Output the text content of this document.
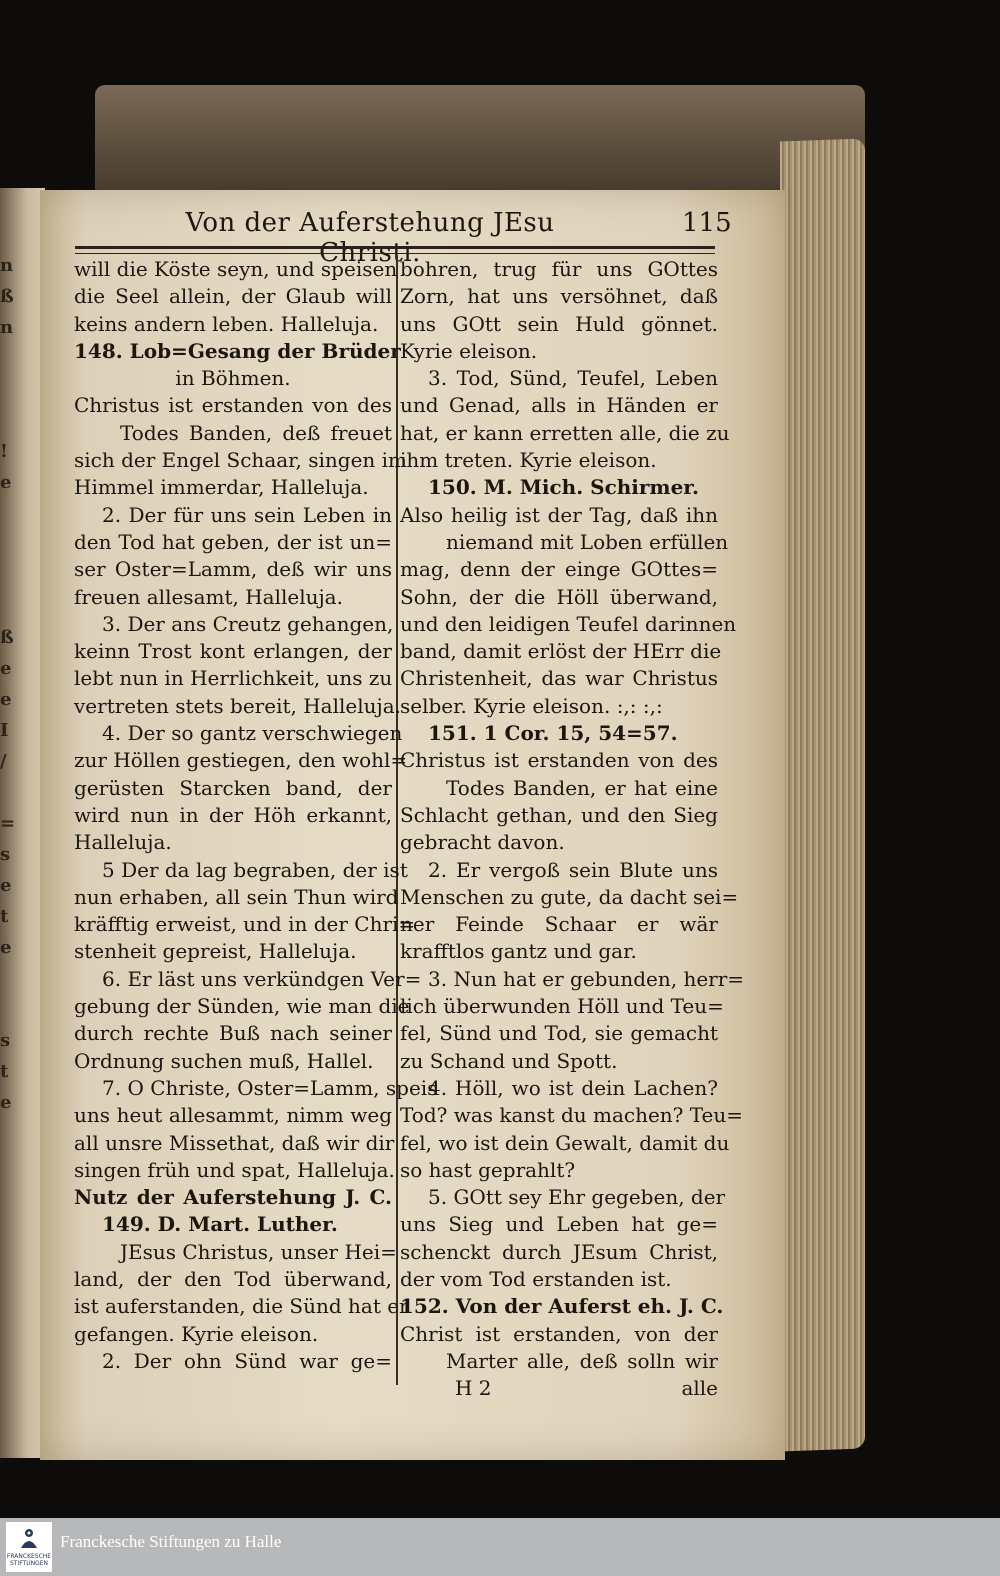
n
ß
n

!
e

ß
e
e
I
/

=
s
e
t
e

s
t
e
Von der Auferstehung JEsu Christi.
115
will die Köste seyn, und speisen
die Seel allein, der Glaub will
keins andern leben. Halleluja.
148. Lob=Gesang der Brüder
in Böhmen.
Christus ist erstanden von des
Todes Banden, deß freuet
sich der Engel Schaar, singen im
Himmel immerdar, Halleluja.
2. Der für uns sein Leben in
den Tod hat geben, der ist un=
ser Oster=Lamm, deß wir uns
freuen allesamt, Halleluja.
3. Der ans Creutz gehangen,
keinn Trost kont erlangen, der
lebt nun in Herrlichkeit, uns zu
vertreten stets bereit, Halleluja.
4. Der so gantz verschwiegen
zur Höllen gestiegen, den wohl=
gerüsten Starcken band, der
wird nun in der Höh erkannt,
Halleluja.
5 Der da lag begraben, der ist
nun erhaben, all sein Thun wird
kräfftig erweist, und in der Chri=
stenheit gepreist, Halleluja.
6. Er läst uns verkündgen Ver=
gebung der Sünden, wie man die
durch rechte Buß nach seiner
Ordnung suchen muß, Hallel.
7. O Christe, Oster=Lamm, speis
uns heut allesammt, nimm weg
all unsre Missethat, daß wir dir
singen früh und spat, Halleluja.
Nutz der Auferstehung J. C.
149. D. Mart. Luther.
JEsus Christus, unser Hei=
land, der den Tod überwand,
ist auferstanden, die Sünd hat er
gefangen. Kyrie eleison.
2. Der ohn Sünd war ge=
bohren, trug für uns GOttes
Zorn, hat uns versöhnet, daß
uns GOtt sein Huld gönnet.
Kyrie eleison.
3. Tod, Sünd, Teufel, Leben
und Genad, alls in Händen er
hat, er kann erretten alle, die zu
ihm treten. Kyrie eleison.
150. M. Mich. Schirmer.
Also heilig ist der Tag, daß ihn
niemand mit Loben erfüllen
mag, denn der einge GOttes=
Sohn, der die Höll überwand,
und den leidigen Teufel darinnen
band, damit erlöst der HErr die
Christenheit, das war Christus
selber. Kyrie eleison. :,: :,:
151. 1 Cor. 15, 54=57.
Christus ist erstanden von des
Todes Banden, er hat eine
Schlacht gethan, und den Sieg
gebracht davon.
2. Er vergoß sein Blute uns
Menschen zu gute, da dacht sei=
ner Feinde Schaar er wär
krafftlos gantz und gar.
3. Nun hat er gebunden, herr=
lich überwunden Höll und Teu=
fel, Sünd und Tod, sie gemacht
zu Schand und Spott.
4. Höll, wo ist dein Lachen?
Tod? was kanst du machen? Teu=
fel, wo ist dein Gewalt, damit du
so hast geprahlt?
5. GOtt sey Ehr gegeben, der
uns Sieg und Leben hat ge=
schenckt durch JEsum Christ,
der vom Tod erstanden ist.
152. Von der Auferst eh. J. C.
Christ ist erstanden, von der
Marter alle, deß solln wir
H 2	alle
FRANCKESCHE STIFTUNGEN
Franckesche Stiftungen zu Halle
